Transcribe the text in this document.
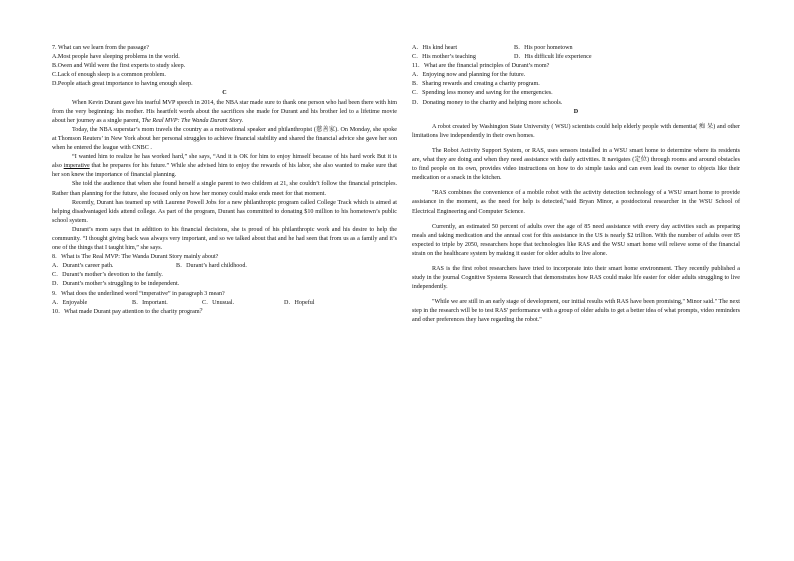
7. What can we learn from the passage?
A.Most people have sleeping problems in the world.
B.Owen and Wild were the first experts to study sleep.
C.Lack of enough sleep is a common problem.
D.People attach great importance to having enough sleep.
C

When Kevin Durant gave his tearful MVP speech in 2014, the NBA star made sure to thank one person who had been there with him from the very beginning: his mother. His heartfelt words about the sacrifices she made for Durant and his brother led to a lifetime movie about her journey as a single parent, The Real MVP: The Wanda Durant Story.

Today, the NBA superstar’s mom travels the country as a motivational speaker and philanthropist (慈善家). On Monday, she spoke at Thomson Reuters’ in New York about her personal struggles to achieve financial stability and shared the financial advice she gave her son when he entered the league with CNBC .

“I wanted him to realize he has worked hard,” she says, “And it is OK for him to enjoy himself because of his hard work But it is also imperative that he prepares for his future.” While she advised him to enjoy the rewards of his labor, she also wanted to make sure that her son knew the importance of financial planning.

She told the audience that when she found herself a single parent to two children at 21, she couldn’t follow the financial principles. Rather than planning for the future, she focused only on how her money could make ends meet for that moment.

Recently, Durant has teamed up with Laurene Powell Jobs for a new philanthropic program called College Track which is aimed at helping disadvantaged kids attend college. As part of the program, Durant has committed to donating $10 million to his hometown’s public school system.

Durant’s mom says that in addition to his financial decisions, she is proud of his philanthropic work and his desire to help the community. “I thought giving back was always very important, and so we talked about that and he had seen that from us as a family and it’s one of the things that I taught him,” she says.

8．What is The Real MVP: The Wanda Durant Story mainly about?
A．Durant’s career path.	B．Durant’s hard childhood.
C．Durant’s mother’s devotion to the family.
D．Durant’s mother’s struggling to be independent.
9．What does the underlined word “imperative” in paragraph 3 mean?
A．Enjoyable	B．Important.	C．Unusual.	D．Hopeful
10．What made Durant pay attention to the charity program？
A．His kind heart	B．His poor hometown
C．His mother’s teaching	D．His difficult life experience
11．What are the financial principles of Durant’s mom?
A．Enjoying now and planning for the future.
B．Sharing rewards and creating a charity program.
C．Spending less money and saving for the emergencies.
D．Donating money to the charity and helping more schools.
D

A robot created by Washington State University ( WSU) scientists could help elderly people with dementia( 痴 呆) and other limitations live independently in their own homes.

The Robot Activity Support System, or RAS, uses sensors installed in a WSU smart home to determine where its residents are, what they are doing and when they need assistance with daily activities. It navigates (定位) through rooms and around obstacles to find people on its own, provides video instructions on how to do simple tasks and can even lead its owner to objects like their medication or a snack in the kitchen.

"RAS combines the convenience of a mobile robot with the activity detection technology of a WSU smart home to provide assistance in the moment, as the need for help is detected,"said Bryan Minor, a postdoctoral researcher in the WSU School of Electrical Engineering and Computer Science.

Currently, an estimated 50 percent of adults over the age of 85 need assistance with every day activities such as preparing meals and taking medication and the annual cost for this assistance in the US is nearly $2 trillion. With the number of adults over 85 expected to triple by 2050, researchers hope that technologies like RAS and the WSU smart home will relieve some of the financial strain on the healthcare system by making it easier for older adults to live alone.

RAS is the first robot researchers have tried to incorporate into their smart home environment. They recently published a study in the journal Cognitive Systems Research that demonstrates how RAS could make life easier for older adults struggling to live independently.

"While we are still in an early stage of development, our initial results with RAS have been promising," Minor said." The next step in the research will be to test RAS' performance with a group of older adults to get a better idea of what prompts, video reminders and other preferences they have regarding the robot."
